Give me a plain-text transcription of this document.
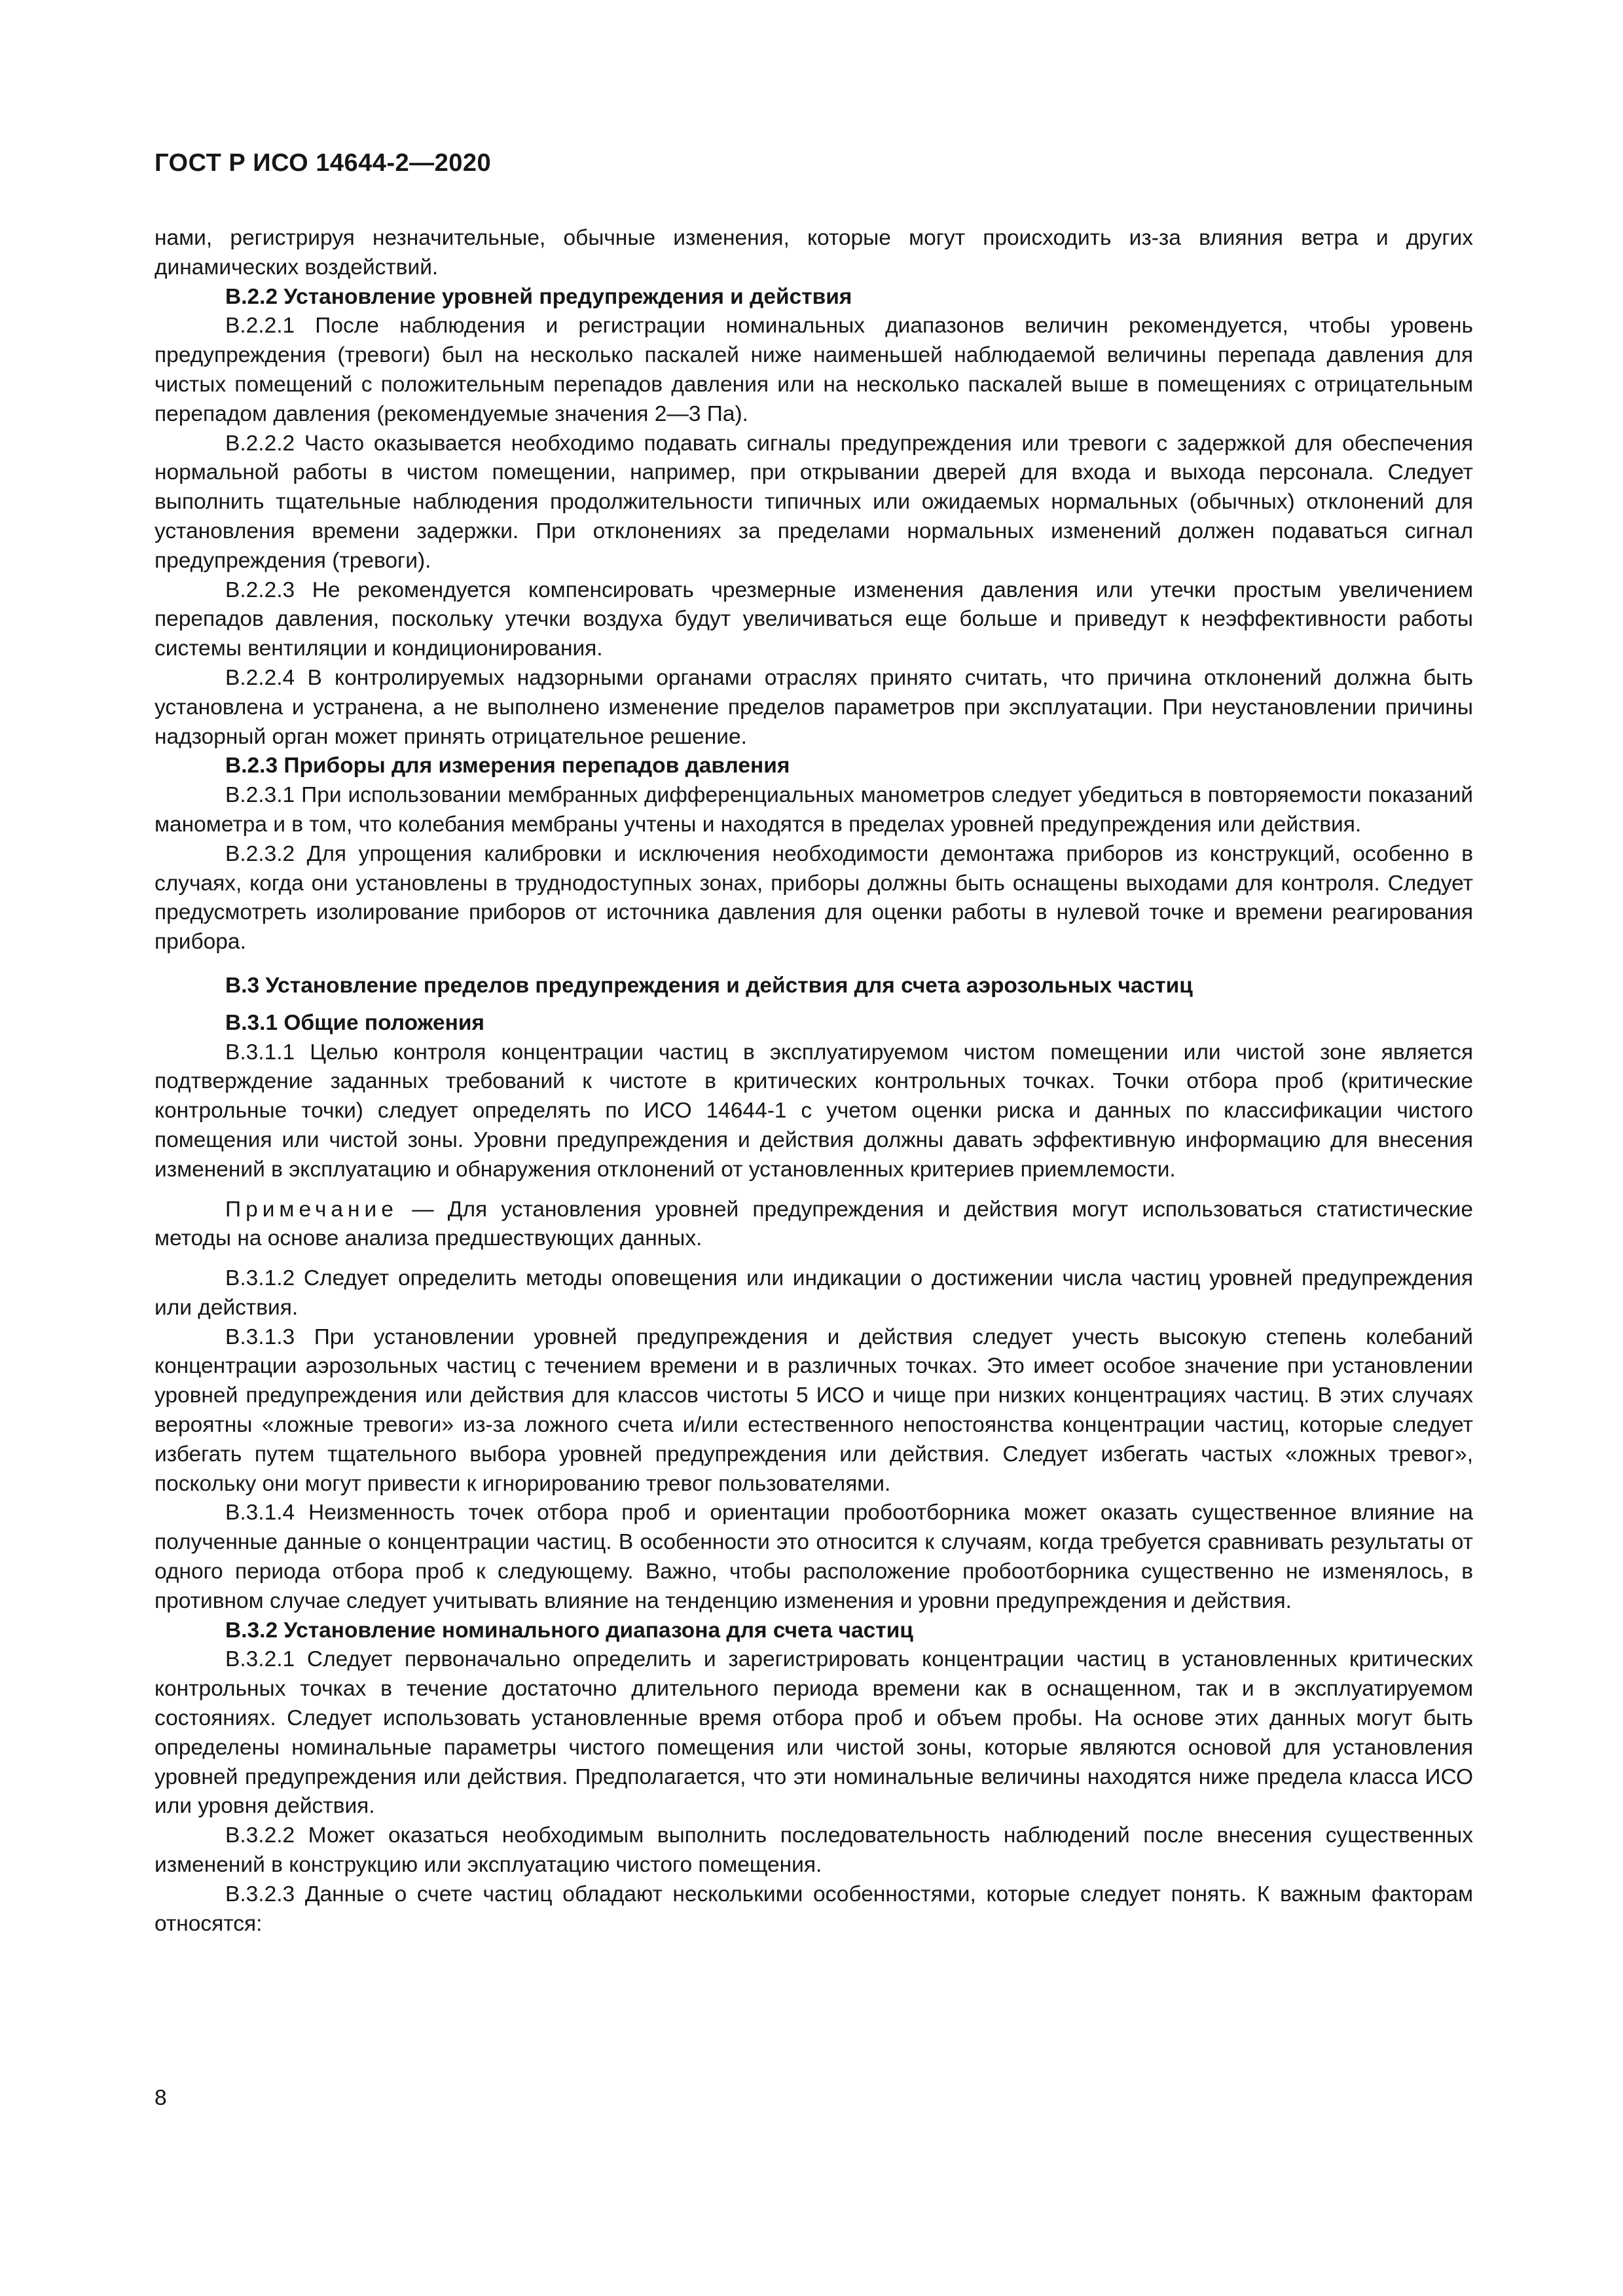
ГОСТ Р ИСО 14644-2—2020

нами, регистрируя незначительные, обычные изменения, которые могут происходить из-за влияния ветра и других динамических воздействий.

B.2.2 Установление уровней предупреждения и действия

B.2.2.1 После наблюдения и регистрации номинальных диапазонов величин рекомендуется, чтобы уровень предупреждения (тревоги) был на несколько паскалей ниже наименьшей наблюдаемой величины перепада давления для чистых помещений с положительным перепадов давления или на несколько паскалей выше в помещениях с отрицательным перепадом давления (рекомендуемые значения 2—3 Па).

B.2.2.2 Часто оказывается необходимо подавать сигналы предупреждения или тревоги с задержкой для обеспечения нормальной работы в чистом помещении, например, при открывании дверей для входа и выхода персонала. Следует выполнить тщательные наблюдения продолжительности типичных или ожидаемых нормальных (обычных) отклонений для установления времени задержки. При отклонениях за пределами нормальных изменений должен подаваться сигнал предупреждения (тревоги).

B.2.2.3 Не рекомендуется компенсировать чрезмерные изменения давления или утечки простым увеличением перепадов давления, поскольку утечки воздуха будут увеличиваться еще больше и приведут к неэффективности работы системы вентиляции и кондиционирования.

B.2.2.4 В контролируемых надзорными органами отраслях принято считать, что причина отклонений должна быть установлена и устранена, а не выполнено изменение пределов параметров при эксплуатации. При неустановлении причины надзорный орган может принять отрицательное решение.

B.2.3 Приборы для измерения перепадов давления

B.2.3.1 При использовании мембранных дифференциальных манометров следует убедиться в повторяемости показаний манометра и в том, что колебания мембраны учтены и находятся в пределах уровней предупреждения или действия.

B.2.3.2 Для упрощения калибровки и исключения необходимости демонтажа приборов из конструкций, особенно в случаях, когда они установлены в труднодоступных зонах, приборы должны быть оснащены выходами для контроля. Следует предусмотреть изолирование приборов от источника давления для оценки работы в нулевой точке и времени реагирования прибора.

B.3 Установление пределов предупреждения и действия для счета аэрозольных частиц

B.3.1 Общие положения

B.3.1.1 Целью контроля концентрации частиц в эксплуатируемом чистом помещении или чистой зоне является подтверждение заданных требований к чистоте в критических контрольных точках. Точки отбора проб (критические контрольные точки) следует определять по ИСО 14644-1 с учетом оценки риска и данных по классификации чистого помещения или чистой зоны. Уровни предупреждения и действия должны давать эффективную информацию для внесения изменений в эксплуатацию и обнаружения отклонений от установленных критериев приемлемости.

Примечание — Для установления уровней предупреждения и действия могут использоваться статистические методы на основе анализа предшествующих данных.

B.3.1.2 Следует определить методы оповещения или индикации о достижении числа частиц уровней предупреждения или действия.

B.3.1.3 При установлении уровней предупреждения и действия следует учесть высокую степень колебаний концентрации аэрозольных частиц с течением времени и в различных точках. Это имеет особое значение при установлении уровней предупреждения или действия для классов чистоты 5 ИСО и чище при низких концентрациях частиц. В этих случаях вероятны «ложные тревоги» из-за ложного счета и/или естественного непостоянства концентрации частиц, которые следует избегать путем тщательного выбора уровней предупреждения или действия. Следует избегать частых «ложных тревог», поскольку они могут привести к игнорированию тревог пользователями.

B.3.1.4 Неизменность точек отбора проб и ориентации пробоотборника может оказать существенное влияние на полученные данные о концентрации частиц. В особенности это относится к случаям, когда требуется сравнивать результаты от одного периода отбора проб к следующему. Важно, чтобы расположение пробоотборника существенно не изменялось, в противном случае следует учитывать влияние на тенденцию изменения и уровни предупреждения и действия.

B.3.2 Установление номинального диапазона для счета частиц

B.3.2.1 Следует первоначально определить и зарегистрировать концентрации частиц в установленных критических контрольных точках в течение достаточно длительного периода времени как в оснащенном, так и в эксплуатируемом состояниях. Следует использовать установленные время отбора проб и объем пробы. На основе этих данных могут быть определены номинальные параметры чистого помещения или чистой зоны, которые являются основой для установления уровней предупреждения или действия. Предполагается, что эти номинальные величины находятся ниже предела класса ИСО или уровня действия.

B.3.2.2 Может оказаться необходимым выполнить последовательность наблюдений после внесения существенных изменений в конструкцию или эксплуатацию чистого помещения.

B.3.2.3 Данные о счете частиц обладают несколькими особенностями, которые следует понять. К важным факторам относятся:

8
